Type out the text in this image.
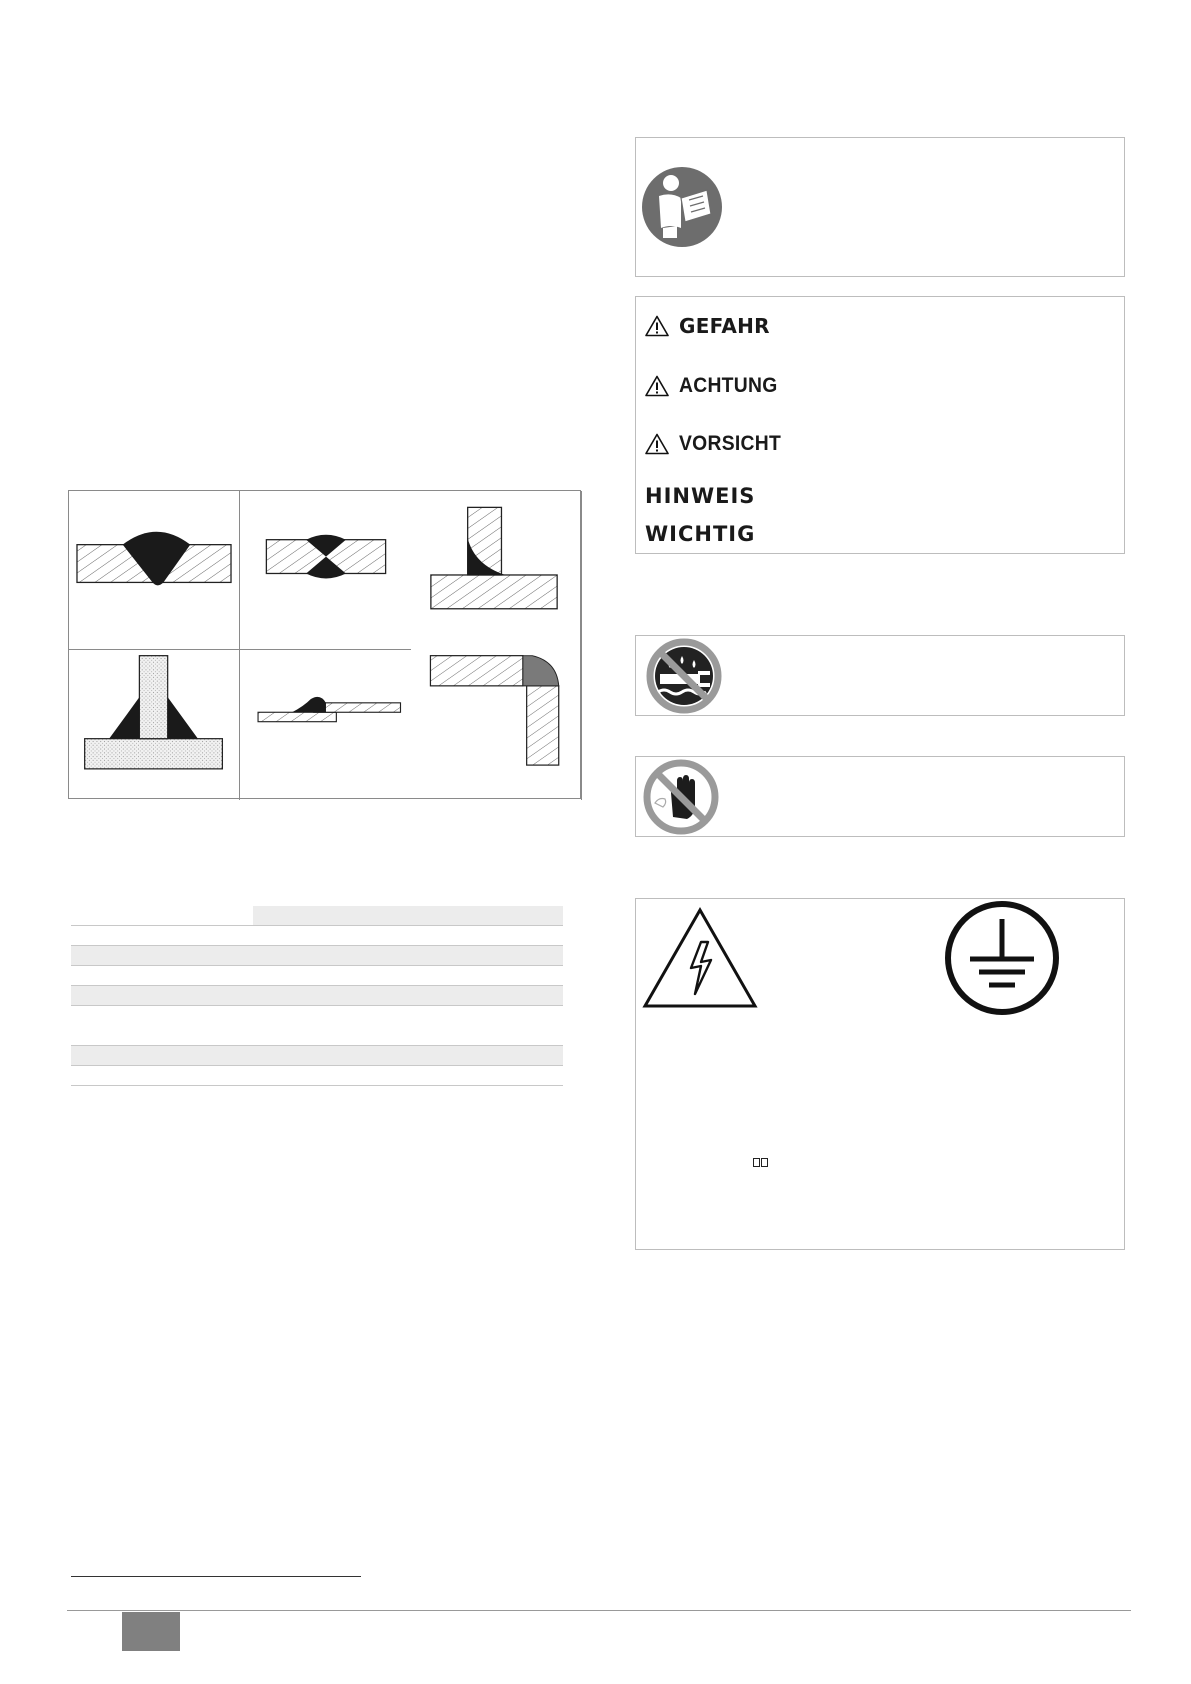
GEFAHR
ACHTUNG
VORSICHT
HINWEIS
WICHTIG
